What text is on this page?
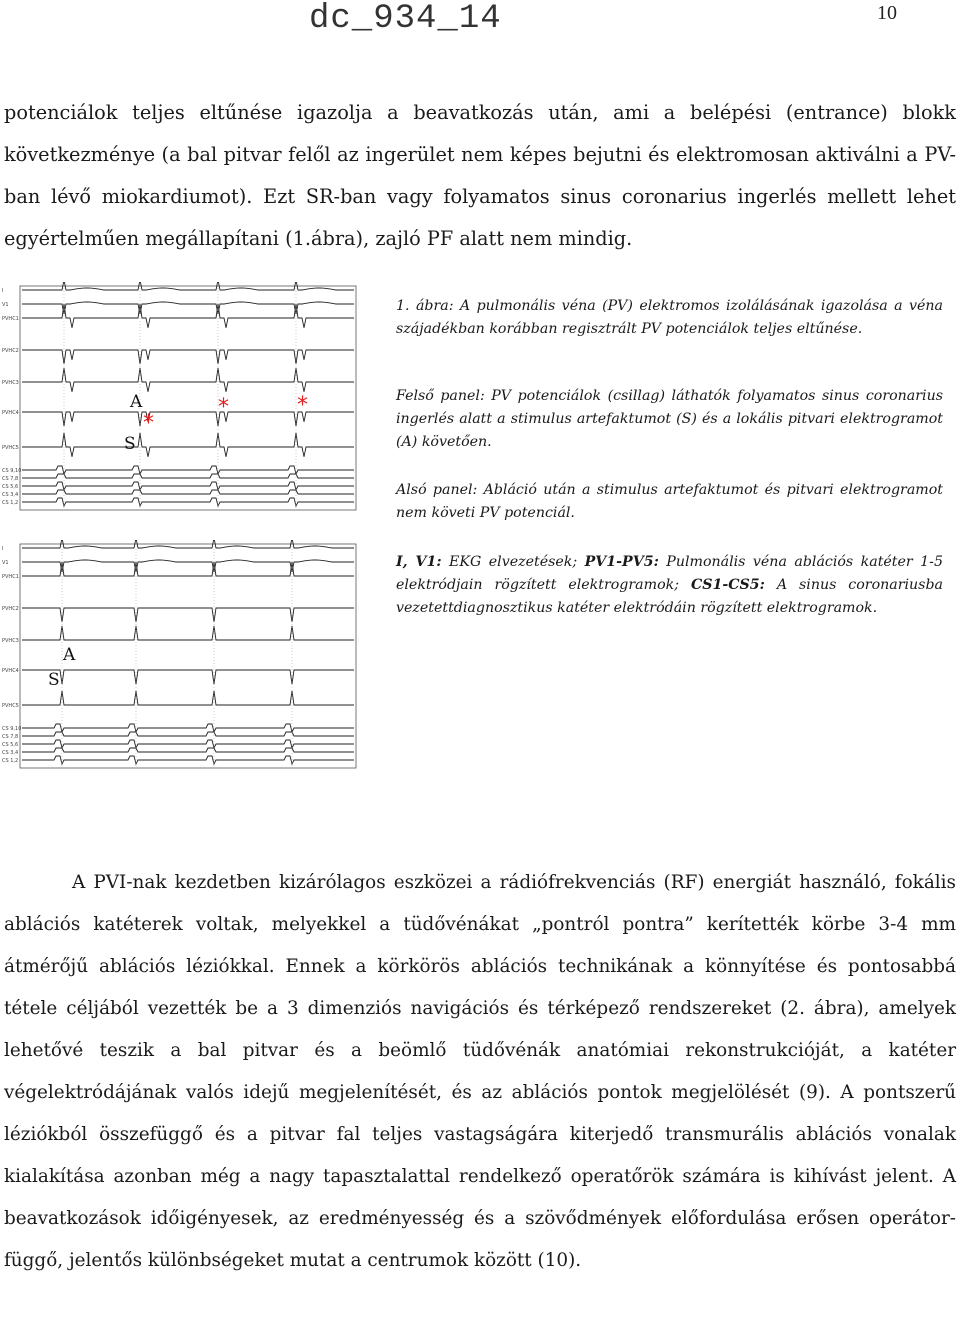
dc_934_14	10

potenciálok teljes eltűnése igazolja a beavatkozás után, ami a belépési (entrance) blokk következménye (a bal pitvar felől az ingerület nem képes bejutni és elektromosan aktiválni a PV-ban lévő miokardiumot). Ezt SR-ban vagy folyamatos sinus coronarius ingerlés mellett lehet egyértelműen megállapítani (1.ábra), zajló PF alatt nem mindig.

I
V1
PVHC1
PVHC2
PVHC3
PVHC4
PVHC5
CS 9,10
CS 7,8
CS 5,6
CS 3,4
CS 1,2
A
S
*
*	*
I
V1
PVHC1
PVHC2
PVHC3
PVHC4
PVHC5
CS 9,10
CS 7,8
CS 5,6
CS 3,4
CS 1,2
A
S

1. ábra: A pulmonális véna (PV) elektromos izolálásának igazolása a véna szájadékban korábban regisztrált PV potenciálok teljes eltűnése.

Felső panel: PV potenciálok (csillag) láthatók folyamatos sinus coronarius ingerlés alatt a stimulus artefaktumot (S) és a lokális pitvari elektrogramot (A) követően.

Alsó panel: Abláció után a stimulus artefaktumot és pitvari elektrogramot nem követi PV potenciál.

I, V1: EKG elvezetések; PV1-PV5: Pulmonális véna ablációs katéter 1-5 elektródjain rögzített elektrogramok; CS1-CS5: A sinus coronariusba vezetettdiagnosztikus katéter elektródáin rögzített elektrogramok.

A PVI-nak kezdetben kizárólagos eszközei a rádiófrekvenciás (RF) energiát használó, fokális ablációs katéterek voltak, melyekkel a tüdővénákat „pontról pontra” kerítették körbe 3-4 mm átmérőjű ablációs léziókkal. Ennek a körkörös ablációs technikának a könnyítése és pontosabbá tétele céljából vezették be a 3 dimenziós navigációs és térképező rendszereket (2. ábra), amelyek lehetővé teszik a bal pitvar és a beömlő tüdővénák anatómiai rekonstrukcióját, a katéter végelektródájának valós idejű megjelenítését, és az ablációs pontok megjelölését (9). A pontszerű léziókból összefüggő és a pitvar fal teljes vastagságára kiterjedő transmurális ablációs vonalak kialakítása azonban még a nagy tapasztalattal rendelkező operatőrök számára is kihívást jelent. A beavatkozások időigényesek, az eredményesség és a szövődmények előfordulása erősen operátor-függő, jelentős különbségeket mutat a centrumok között (10).
